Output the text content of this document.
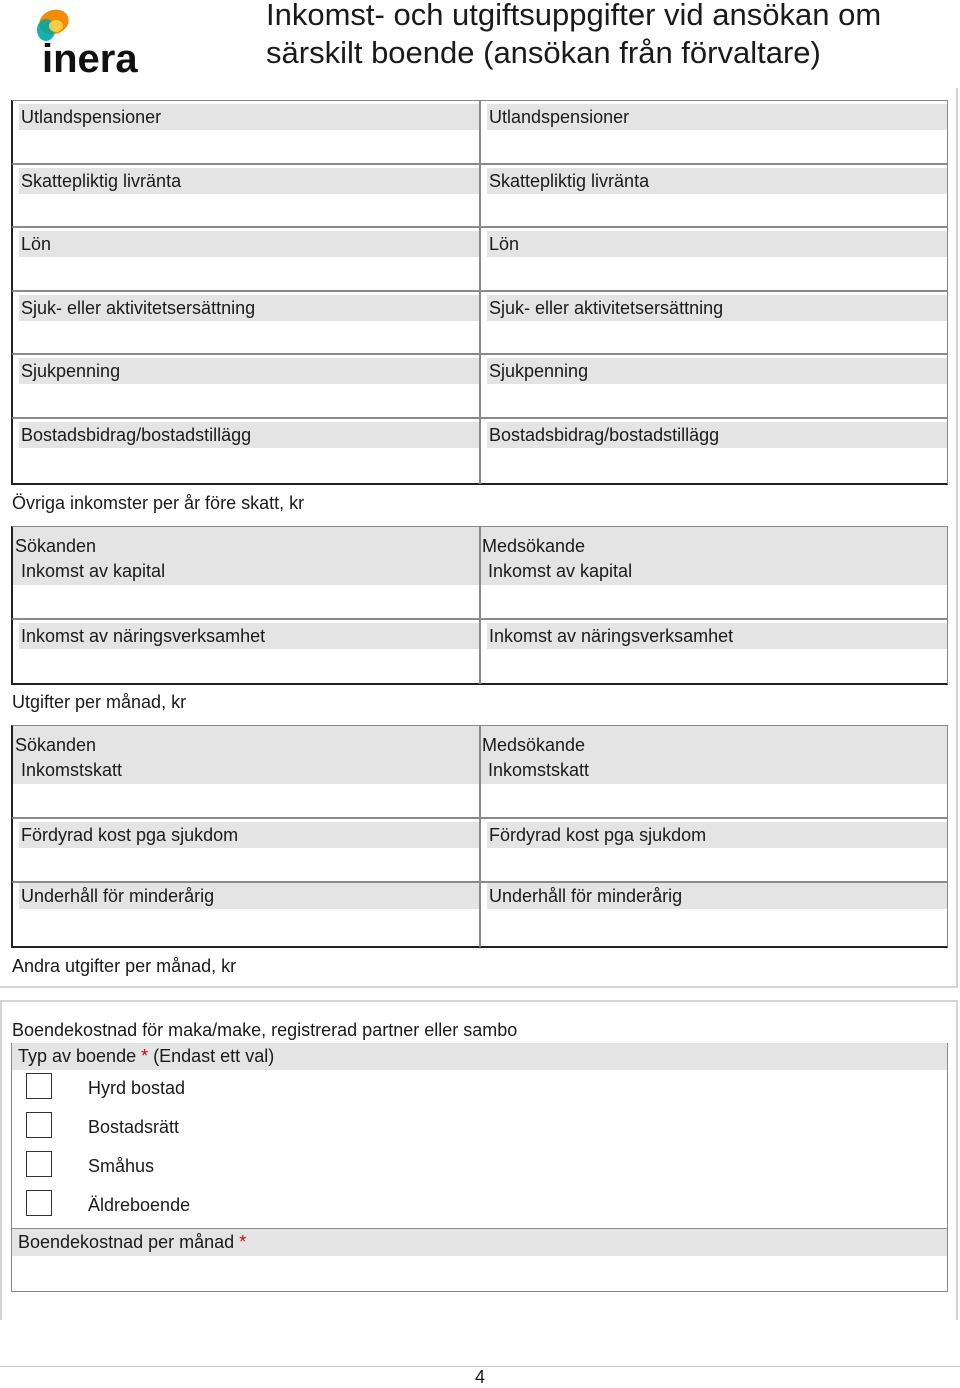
inera
Inkomst- och utgiftsuppgifter vid ansökan om
särskilt boende (ansökan från förvaltare)
Utlandspensioner
Skattepliktig livränta
Lön
Sjuk- eller aktivitetsersättning
Sjukpenning
Bostadsbidrag/bostadstillägg
Utlandspensioner
Skattepliktig livränta
Lön
Sjuk- eller aktivitetsersättning
Sjukpenning
Bostadsbidrag/bostadstillägg
Övriga inkomster per år före skatt, kr
Sökanden
Inkomst av kapital
Inkomst av näringsverksamhet
Medsökande
Inkomst av kapital
Inkomst av näringsverksamhet
Utgifter per månad, kr
Sökanden
Inkomstskatt
Fördyrad kost pga sjukdom
Underhåll för minderårig
Medsökande
Inkomstskatt
Fördyrad kost pga sjukdom
Underhåll för minderårig
Andra utgifter per månad, kr
Boendekostnad för maka/make, registrerad partner eller sambo
Typ av boende * (Endast ett val)
Hyrd bostad
Bostadsrätt
Småhus
Äldreboende
Boendekostnad per månad *
4
